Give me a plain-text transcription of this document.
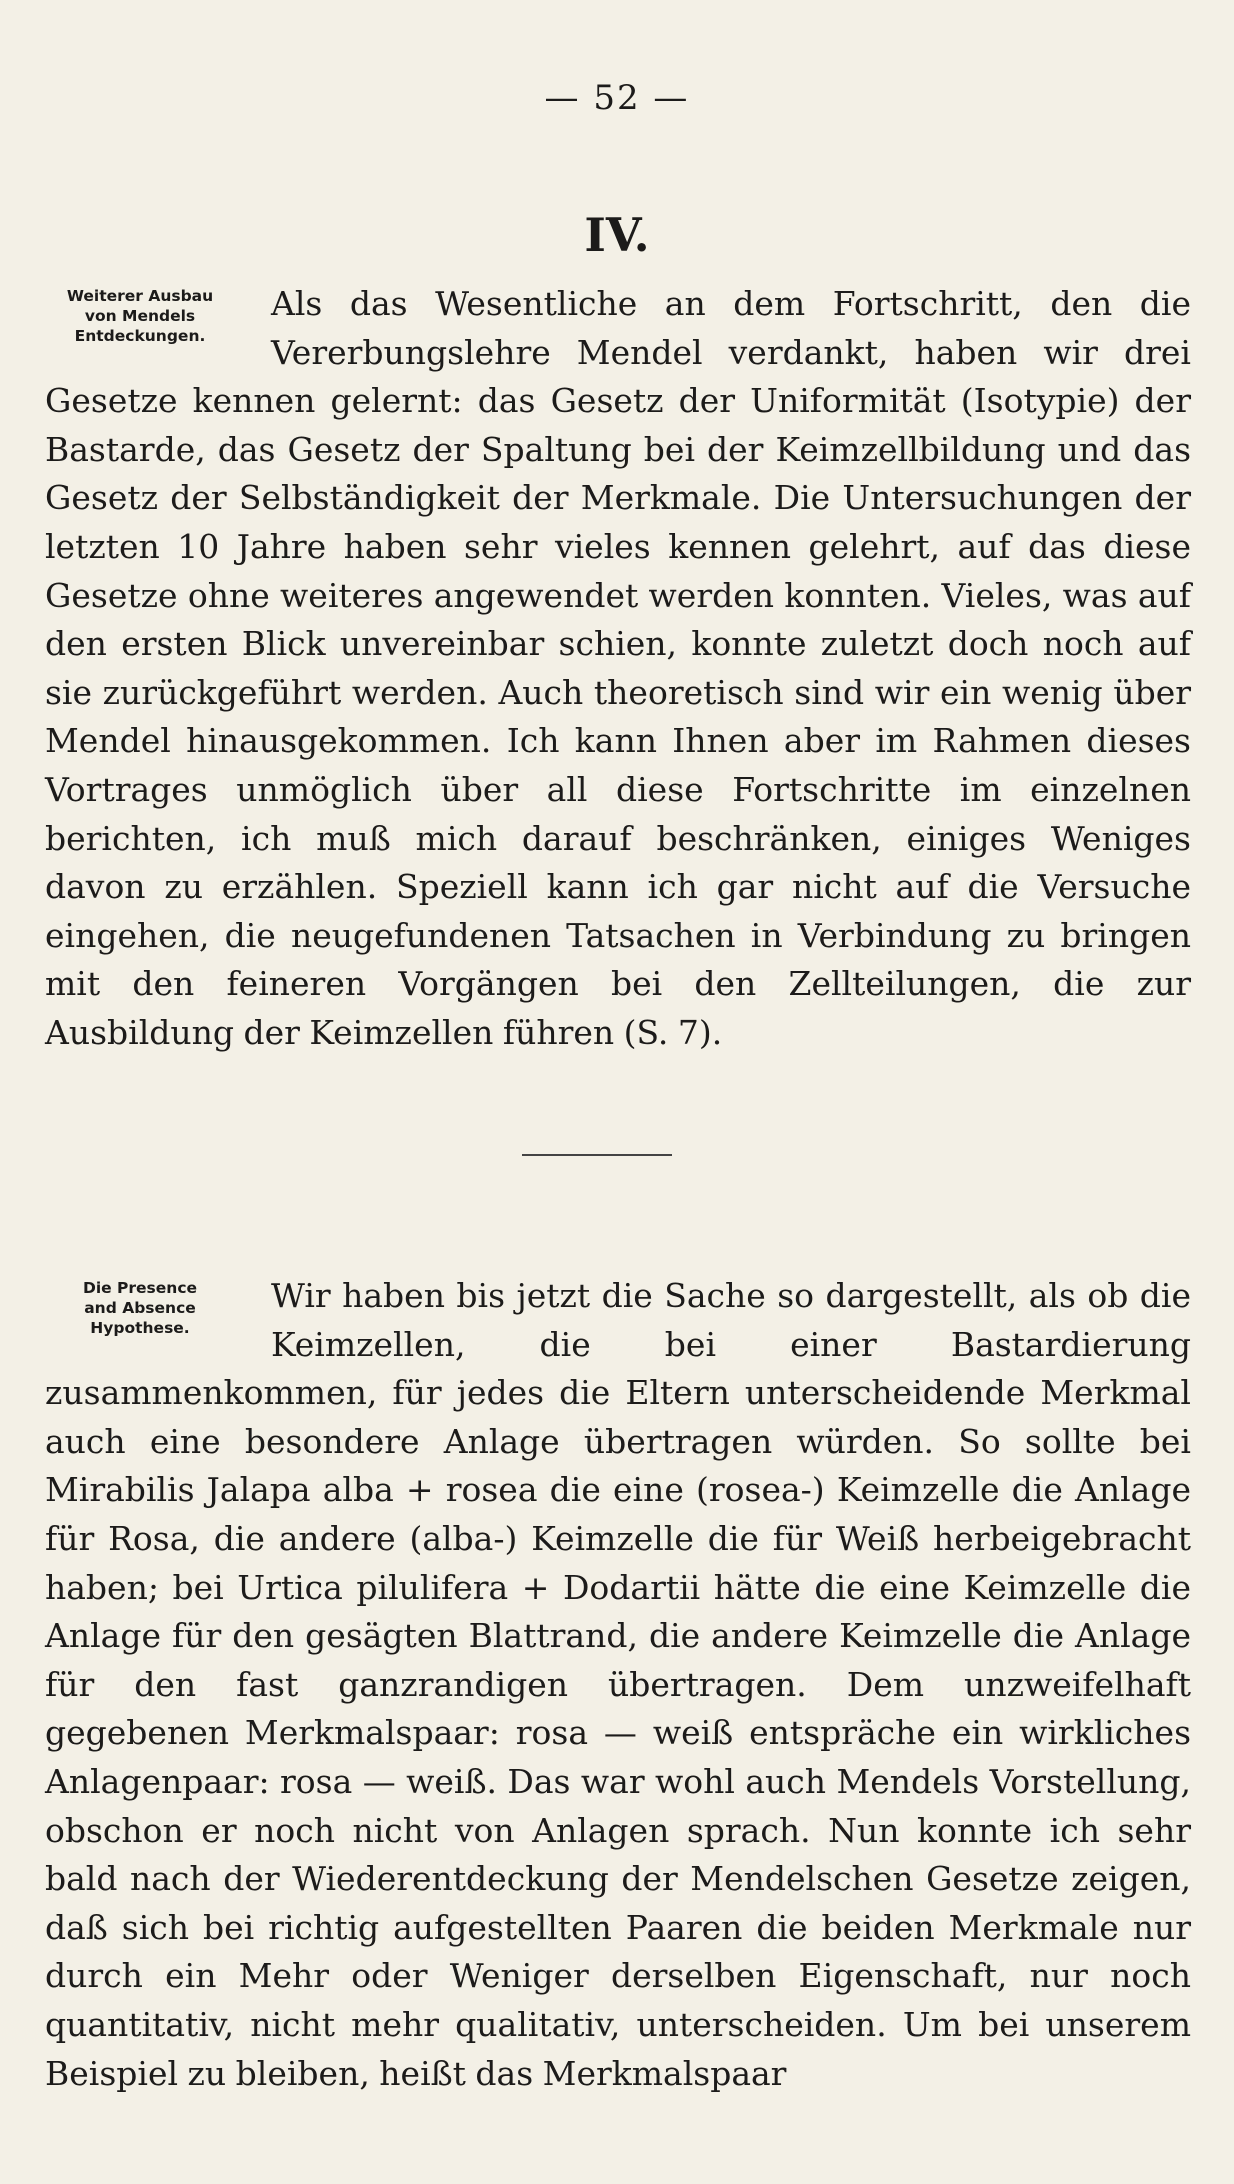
— 52 —
IV.
Weiterer Ausbau
von Mendels
Entdeckungen.

Als das Wesentliche an dem Fortschritt, den die Vererbungslehre Mendel verdankt, haben wir drei Gesetze kennen gelernt: das Gesetz der Uniformität (Isotypie) der Bastarde, das Gesetz der Spaltung bei der Keimzellbildung und das Gesetz der Selbständigkeit der Merkmale. Die Untersuchungen der letzten 10 Jahre haben sehr vieles kennen gelehrt, auf das diese Gesetze ohne weiteres angewendet werden konnten. Vieles, was auf den ersten Blick unvereinbar schien, konnte zuletzt doch noch auf sie zurückgeführt werden. Auch theoretisch sind wir ein wenig über Mendel hinausgekommen. Ich kann Ihnen aber im Rahmen dieses Vortrages unmöglich über all diese Fortschritte im einzelnen berichten, ich muß mich darauf beschränken, einiges Weniges davon zu erzählen. Speziell kann ich gar nicht auf die Versuche eingehen, die neugefundenen Tatsachen in Verbindung zu bringen mit den feineren Vorgängen bei den Zellteilungen, die zur Ausbildung der Keimzellen führen (S. 7).

Die Presence
and Absence
Hypothese.

Wir haben bis jetzt die Sache so dargestellt, als ob die Keimzellen, die bei einer Bastardierung zusammenkommen, für jedes die Eltern unterscheidende Merkmal auch eine besondere Anlage übertragen würden. So sollte bei Mirabilis Jalapa alba + rosea die eine (rosea-) Keimzelle die Anlage für Rosa, die andere (alba-) Keimzelle die für Weiß herbeigebracht haben; bei Urtica pilulifera + Dodartii hätte die eine Keimzelle die Anlage für den gesägten Blattrand, die andere Keimzelle die Anlage für den fast ganzrandigen übertragen. Dem unzweifelhaft gegebenen Merkmalspaar: rosa — weiß entspräche ein wirkliches Anlagenpaar: rosa — weiß. Das war wohl auch Mendels Vorstellung, obschon er noch nicht von Anlagen sprach. Nun konnte ich sehr bald nach der Wiederentdeckung der Mendelschen Gesetze zeigen, daß sich bei richtig aufgestellten Paaren die beiden Merkmale nur durch ein Mehr oder Weniger derselben Eigenschaft, nur noch quantitativ, nicht mehr qualitativ, unterscheiden. Um bei unserem Beispiel zu bleiben, heißt das Merkmalspaar
